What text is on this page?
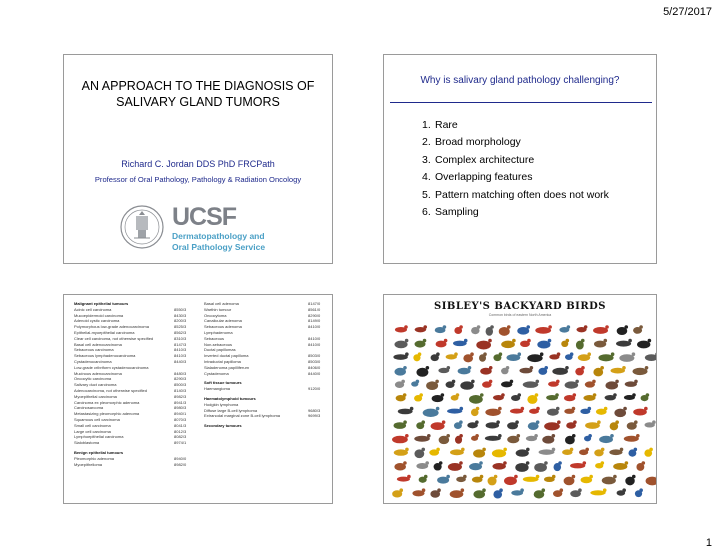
5/27/2017
AN APPROACH TO THE DIAGNOSIS OF SALIVARY GLAND TUMORS
Richard C. Jordan DDS PhD FRCPath
Professor of Oral Pathology, Pathology & Radiation Oncology
UCSF
Dermatopathology and
Oral Pathology Service
Why is salivary gland pathology challenging?
1. Rare
2. Broad morphology
3. Complex architecture
4. Overlapping features
5. Pattern matching often does not work
6. Sampling
Malignant epithelial tumours
Acinic cell carcinoma	8550/3
Mucoepidermoid carcinoma	8430/3
Adenoid cystic carcinoma	8200/3
Polymorphous low-grade adenocarcinoma	8525/3
Epithelial-myoepithelial carcinoma	8562/3
Clear cell carcinoma, not otherwise specified	8310/3
Basal cell adenocarcinoma	8147/3
Sebaceous carcinoma	8410/3
Sebaceous lymphadenocarcinoma	8410/3
Cystadenocarcinoma	8440/3
Low-grade cribriform cystadenocarcinoma
Mucinous adenocarcinoma	8480/3
Oncocytic carcinoma	8290/3
Salivary duct carcinoma	8500/3
Adenocarcinoma, not otherwise specified	8140/3
Myoepithelial carcinoma	8982/3
Carcinoma ex pleomorphic adenoma	8941/3
Carcinosarcoma	8980/3
Metastasizing pleomorphic adenoma	8940/1
Squamous cell carcinoma	8070/3
Small cell carcinoma	8041/3
Large cell carcinoma	8012/3
Lymphoepithelial carcinoma	8082/3
Sialoblastoma	8974/1
Benign epithelial tumours
Pleomorphic adenoma	8940/0
Myoepithelioma	8982/0
Basal cell adenoma	8147/0
Warthin tumour	8561/0
Oncocytoma	8290/0
Canalicular adenoma	8149/0
Sebaceous adenoma	8410/0
Lymphadenoma
Sebaceous	8410/0
Non-sebaceous	8410/0
Ductal papillomas
Inverted ductal papilloma	8503/0
Intraductal papilloma	8503/0
Sialadenoma papilliferum	8406/0
Cystadenoma	8440/0
Soft tissue tumours
Haemangioma	9120/0
Haematolymphoid tumours
Hodgkin lymphoma
Diffuse large B-cell lymphoma	9680/3
Extranodal marginal zone B-cell lymphoma	9699/3
Secondary tumours
SIBLEY'S BACKYARD BIRDS
Common birds of eastern North America
1
